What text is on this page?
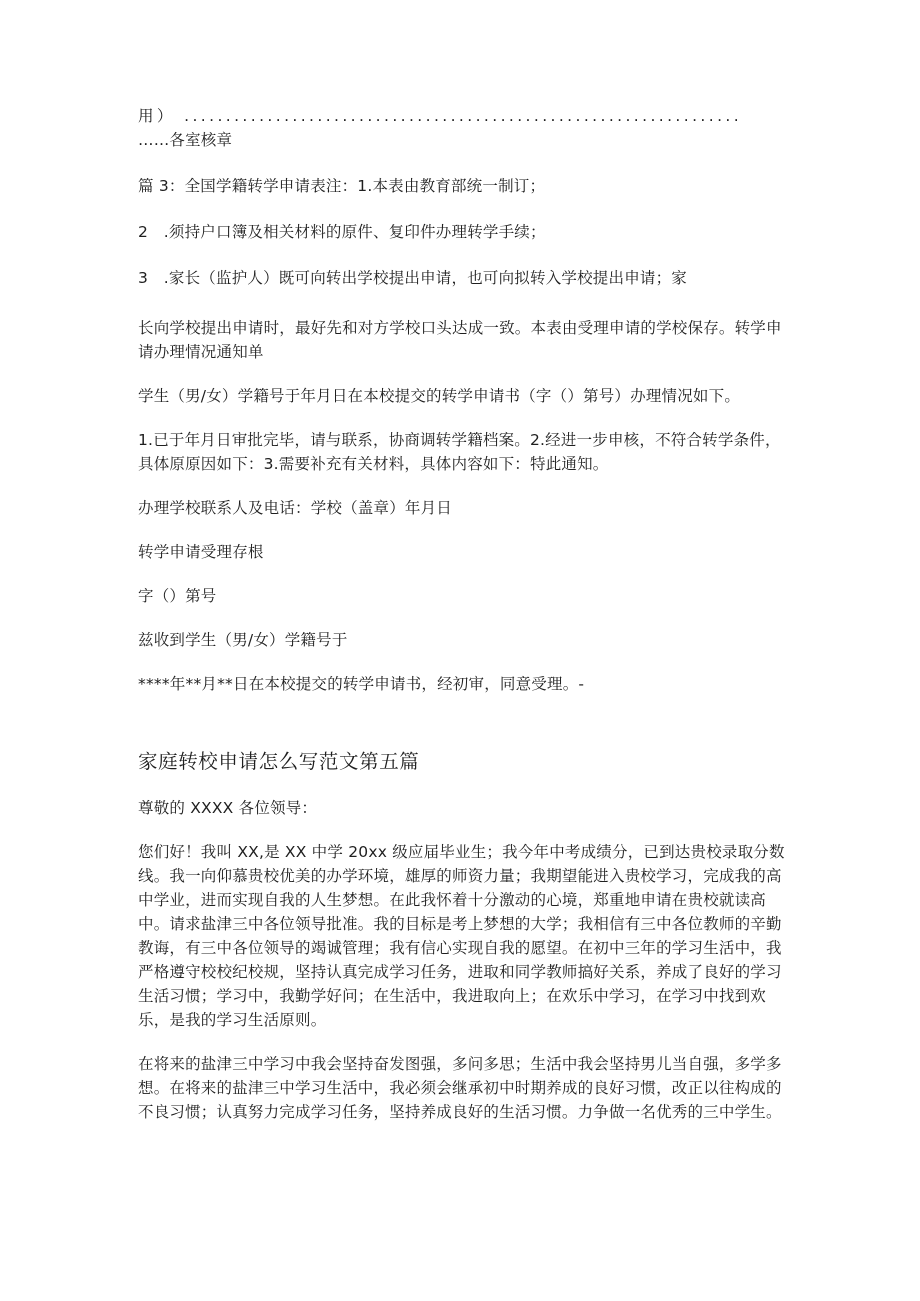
用） ...................................................................

……各室核章

篇 3：全国学籍转学申请表注：1.本表由教育部统一制订；

2　.须持户口簿及相关材料的原件、复印件办理转学手续；

3　.家长（监护人）既可向转出学校提出申请，也可向拟转入学校提出申请；家

长向学校提出申请时，最好先和对方学校口头达成一致。本表由受理申请的学校保存。转学申请办理情况通知单

学生（男/女）学籍号于年月日在本校提交的转学申请书（字（）第号）办理情况如下。

1.已于年月日审批完毕，请与联系，协商调转学籍档案。2.经进一步申核，不符合转学条件，具体原原因如下：3.需要补充有关材料，具体内容如下：特此通知。

办理学校联系人及电话：学校（盖章）年月日

转学申请受理存根

字（）第号

兹收到学生（男/女）学籍号于

****年**月**日在本校提交的转学申请书，经初审，同意受理。-

家庭转校申请怎么写范文第五篇

尊敬的 XXXX 各位领导：

您们好！我叫 XX,是 XX 中学 20xx 级应届毕业生；我今年中考成绩分，已到达贵校录取分数线。我一向仰慕贵校优美的办学环境，雄厚的师资力量；我期望能进入贵校学习，完成我的高中学业，进而实现自我的人生梦想。在此我怀着十分激动的心境，郑重地申请在贵校就读高中。请求盐津三中各位领导批准。我的目标是考上梦想的大学；我相信有三中各位教师的辛勤教诲，有三中各位领导的竭诚管理；我有信心实现自我的愿望。在初中三年的学习生活中，我严格遵守校校纪校规，坚持认真完成学习任务，进取和同学教师搞好关系，养成了良好的学习生活习惯；学习中，我勤学好问；在生活中，我进取向上；在欢乐中学习，在学习中找到欢乐，是我的学习生活原则。

在将来的盐津三中学习中我会坚持奋发图强，多问多思；生活中我会坚持男儿当自强，多学多想。在将来的盐津三中学习生活中，我必须会继承初中时期养成的良好习惯，改正以往构成的不良习惯；认真努力完成学习任务，坚持养成良好的生活习惯。力争做一名优秀的三中学生。
